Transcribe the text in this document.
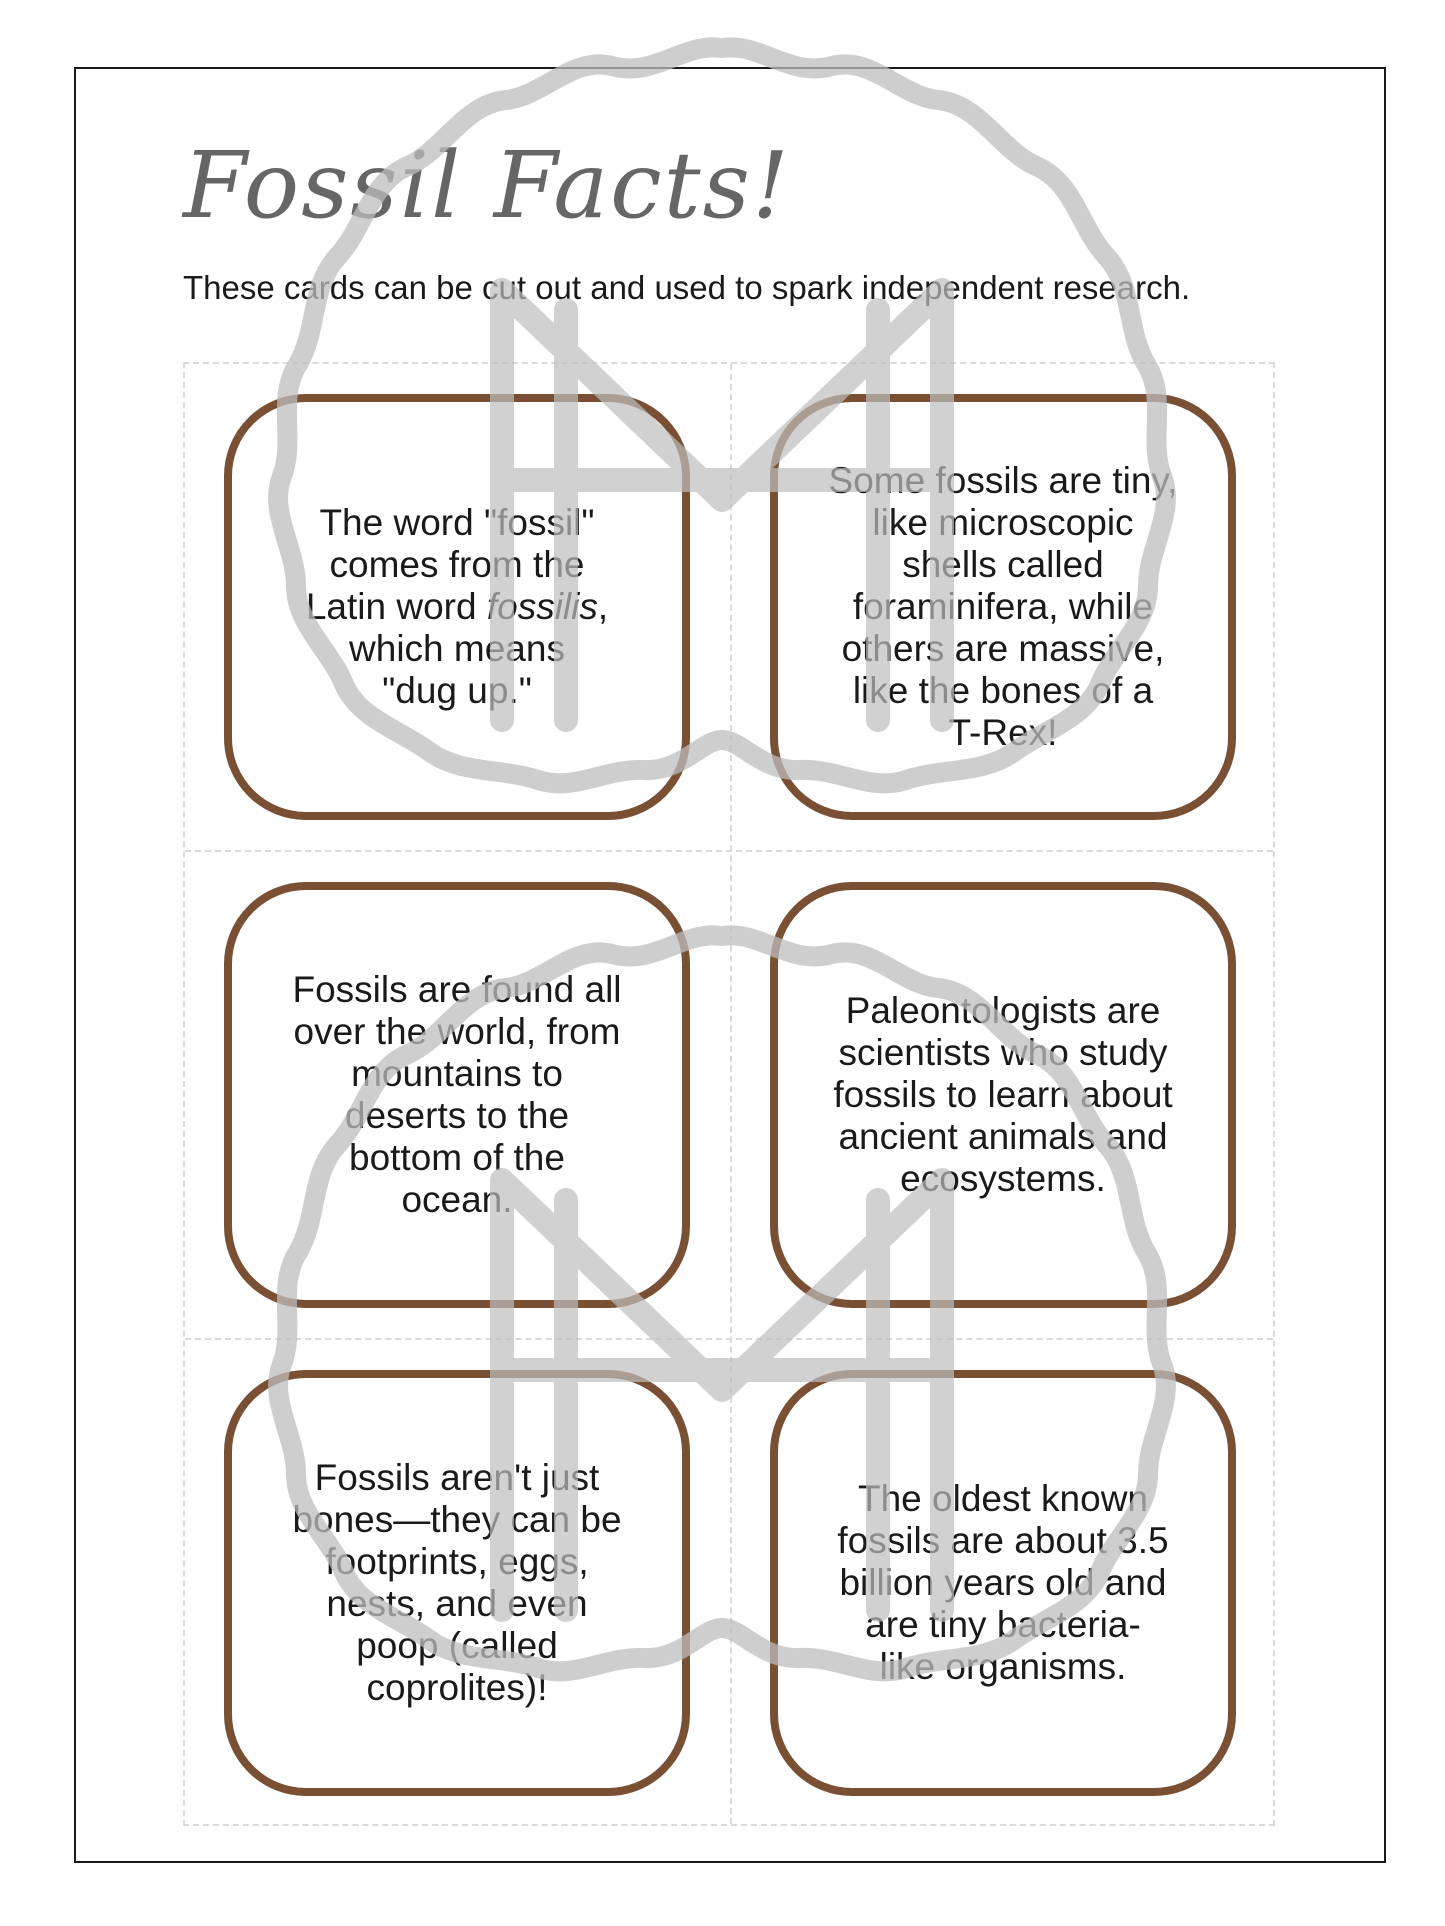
Fossil Facts!
These cards can be cut out and used to spark independent research.

The word "fossil"
comes from the
Latin word fossilis,
which means
"dug up."

Some fossils are tiny,
like microscopic
shells called
foraminifera, while
others are massive,
like the bones of a
T-Rex!

Fossils are found all
over the world, from
mountains to
deserts to the
bottom of the
ocean.

Paleontologists are
scientists who study
fossils to learn about
ancient animals and
ecosystems.

Fossils aren't just
bones—they can be
footprints, eggs,
nests, and even
poop (called
coprolites)!

The oldest known
fossils are about 3.5
billion years old and
are tiny bacteria-
like organisms.
